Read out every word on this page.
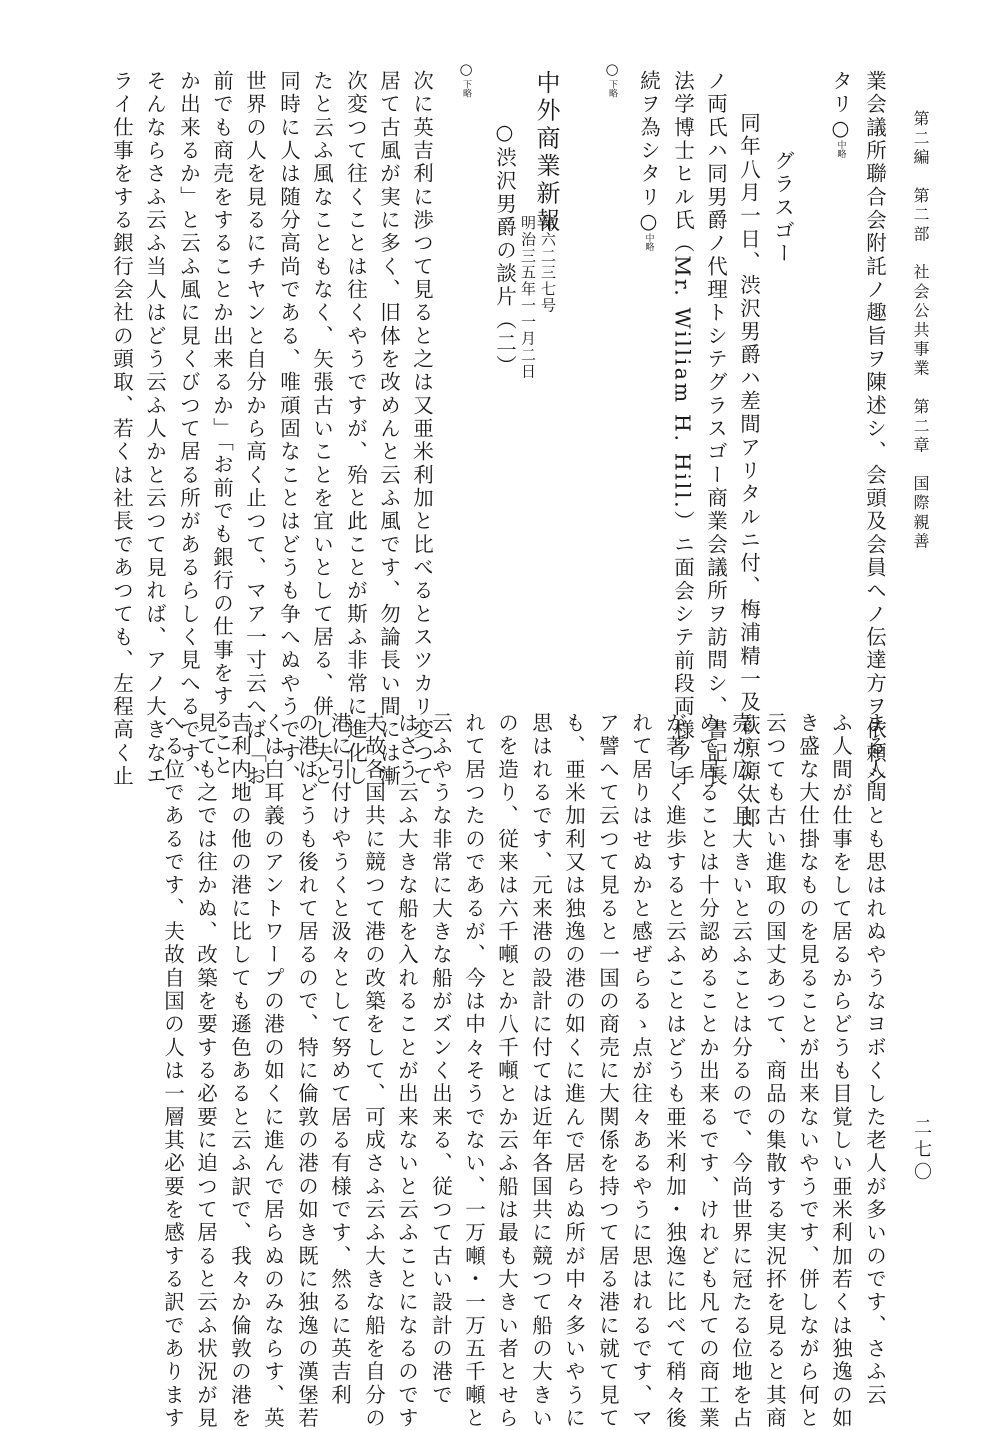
第二編　第二部　社会公共事業　第二章　国際親善
二七〇
業会議所聯合会附託ノ趣旨ヲ陳述シ、会頭及会員ヘノ伝達方ヲ依頼シ
タリ○中略
グラスゴー
同年八月一日、渋沢男爵ハ差間アリタルニ付、梅浦精一及萩原源太郎
ノ両氏ハ同男爵ノ代理トシテグラスゴー商業会議所ヲ訪問シ、書記長
法学博士ヒル氏（Mr. William H. Hill.）ニ面会シテ前段両様ノ手
続ヲ為シタリ○中略
○下略
中外商業新報
第六二三七号
明治三五年一一月二日
○渋沢男爵の談片（二）
○下略
次に英吉利に渉つて見ると之は又亜米利加と比べるとスツカリ変つて
居て古風が実に多く、旧体を改めんと云ふ風です、勿論長い間には漸
次変つて往くことは往くやうですが、殆と此ことが斯ふ非常に進化し
たと云ふ風なこともなく、矢張古いことを宜いとして居る、併し夫と
同時に人は随分高尚である、唯頑固なことはどうも争へぬやうです、
世界の人を見るにチヤンと自分から高く止つて、マア一寸云へば「お
前でも商売をすることか出来るか」「お前でも銀行の仕事をすること
か出来るか」と云ふ風に見くびつて居る所があるらしく見へるです、
そんならさふ云ふ当人はどう云ふ人かと云つて見れば、アノ大きなエ
ライ仕事をする銀行会社の頭取、若くは社長であつても、左程高く止
まる人間とも思はれぬやうなヨボくした老人が多いのです、さふ云
ふ人間が仕事をして居るからどうも目覚しい亜米利加若くは独逸の如
き盛な大仕掛なものを見ることが出来ないやうです、併しながら何と
云つても古い進取の国丈あつて、商品の集散する実況抔を見ると其商
売が広く且大きいと云ふことは分るので、今尚世界に冠たる位地を占
めて居ることは十分認めることか出来るです、けれども凡ての商工業
が著しく進歩すると云ふことはどうも亜米利加・独逸に比べて稍々後
れて居りはせぬかと感ぜらるゝ点が往々あるやうに思はれるです、マ
ア譬へて云つて見ると一国の商売に大関係を持つて居る港に就て見て
も、亜米加利又は独逸の港の如くに進んで居らぬ所が中々多いやうに
思はれるです、元来港の設計に付ては近年各国共に競つて船の大きい
のを造り、従来は六千噸とか八千噸とか云ふ船は最も大きい者とせら
れて居つたのであるが、今は中々そうでない、一万噸・一万五千噸と
云ふやうな非常に大きな船がズンく出来る、従つて古い設計の港で
はさう云ふ大きな船を入れることが出来ないと云ふことになるのです
夫故各国共に競つて港の改築をして、可成さふ云ふ大きな船を自分の
港に引付けやうくと汲々として努めて居る有様です、然るに英吉利
の港はどうも後れて居るので、特に倫敦の港の如き既に独逸の漢堡若
くは白耳義のアントワープの港の如くに進んで居らぬのみならす、英
吉利内地の他の港に比しても遜色あると云ふ訳で、我々か倫敦の港を
見ても之では往かぬ、改築を要する必要に迫つて居ると云ふ状況が見
へる位であるです、夫故自国の人は一層其必要を感する訳であります
